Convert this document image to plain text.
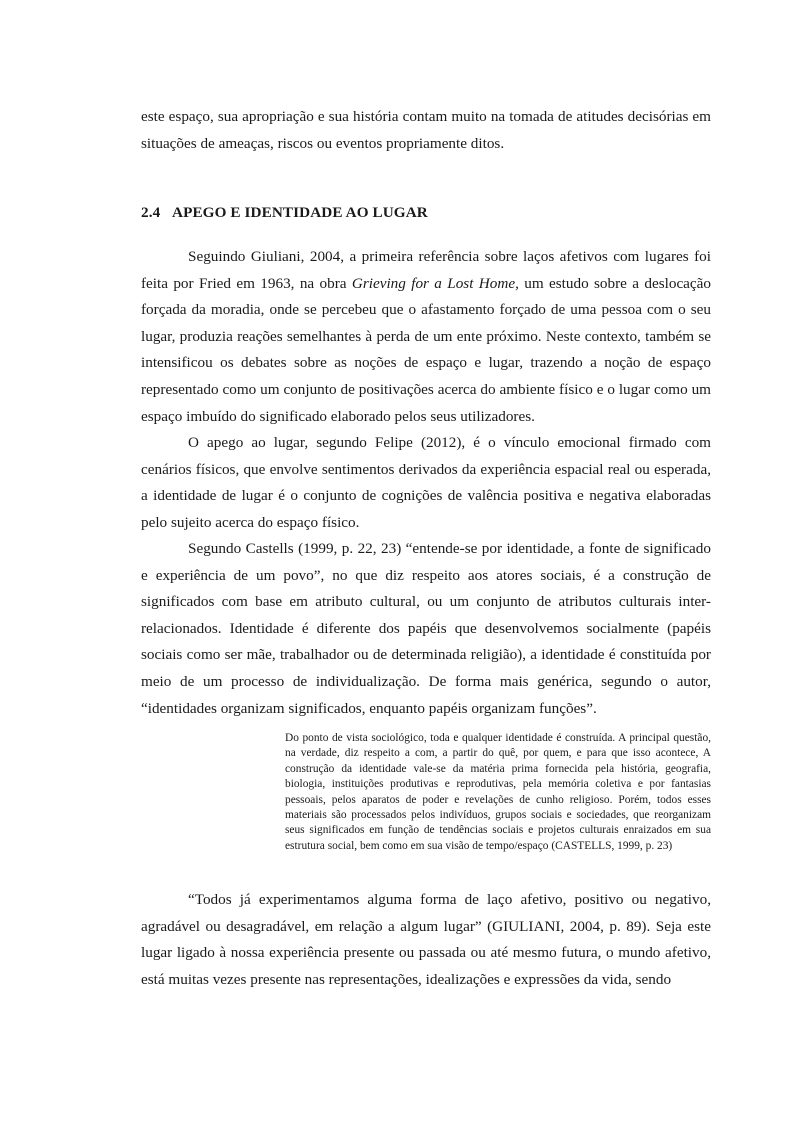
este espaço, sua apropriação e sua história contam muito na tomada de atitudes decisórias em situações de ameaças, riscos ou eventos propriamente ditos.

2.4 APEGO E IDENTIDADE AO LUGAR

Seguindo Giuliani, 2004, a primeira referência sobre laços afetivos com lugares foi feita por Fried em 1963, na obra Grieving for a Lost Home, um estudo sobre a deslocação forçada da moradia, onde se percebeu que o afastamento forçado de uma pessoa com o seu lugar, produzia reações semelhantes à perda de um ente próximo. Neste contexto, também se intensificou os debates sobre as noções de espaço e lugar, trazendo a noção de espaço representado como um conjunto de positivações acerca do ambiente físico e o lugar como um espaço imbuído do significado elaborado pelos seus utilizadores.

O apego ao lugar, segundo Felipe (2012), é o vínculo emocional firmado com cenários físicos, que envolve sentimentos derivados da experiência espacial real ou esperada, a identidade de lugar é o conjunto de cognições de valência positiva e negativa elaboradas pelo sujeito acerca do espaço físico.

Segundo Castells (1999, p. 22, 23) “entende-se por identidade, a fonte de significado e experiência de um povo”, no que diz respeito aos atores sociais, é a construção de significados com base em atributo cultural, ou um conjunto de atributos culturais inter-relacionados. Identidade é diferente dos papéis que desenvolvemos socialmente (papéis sociais como ser mãe, trabalhador ou de determinada religião), a identidade é constituída por meio de um processo de individualização. De forma mais genérica, segundo o autor, “identidades organizam significados, enquanto papéis organizam funções”.

Do ponto de vista sociológico, toda e qualquer identidade é construída. A principal questão, na verdade, diz respeito a com, a partir do quê, por quem, e para que isso acontece, A construção da identidade vale-se da matéria prima fornecida pela história, geografia, biologia, instituições produtivas e reprodutivas, pela memória coletiva e por fantasias pessoais, pelos aparatos de poder e revelações de cunho religioso. Porém, todos esses materiais são processados pelos indivíduos, grupos sociais e sociedades, que reorganizam seus significados em função de tendências sociais e projetos culturais enraizados em sua estrutura social, bem como em sua visão de tempo/espaço (CASTELLS, 1999, p. 23)

“Todos já experimentamos alguma forma de laço afetivo, positivo ou negativo, agradável ou desagradável, em relação a algum lugar” (GIULIANI, 2004, p. 89). Seja este lugar ligado à nossa experiência presente ou passada ou até mesmo futura, o mundo afetivo, está muitas vezes presente nas representações, idealizações e expressões da vida, sendo
